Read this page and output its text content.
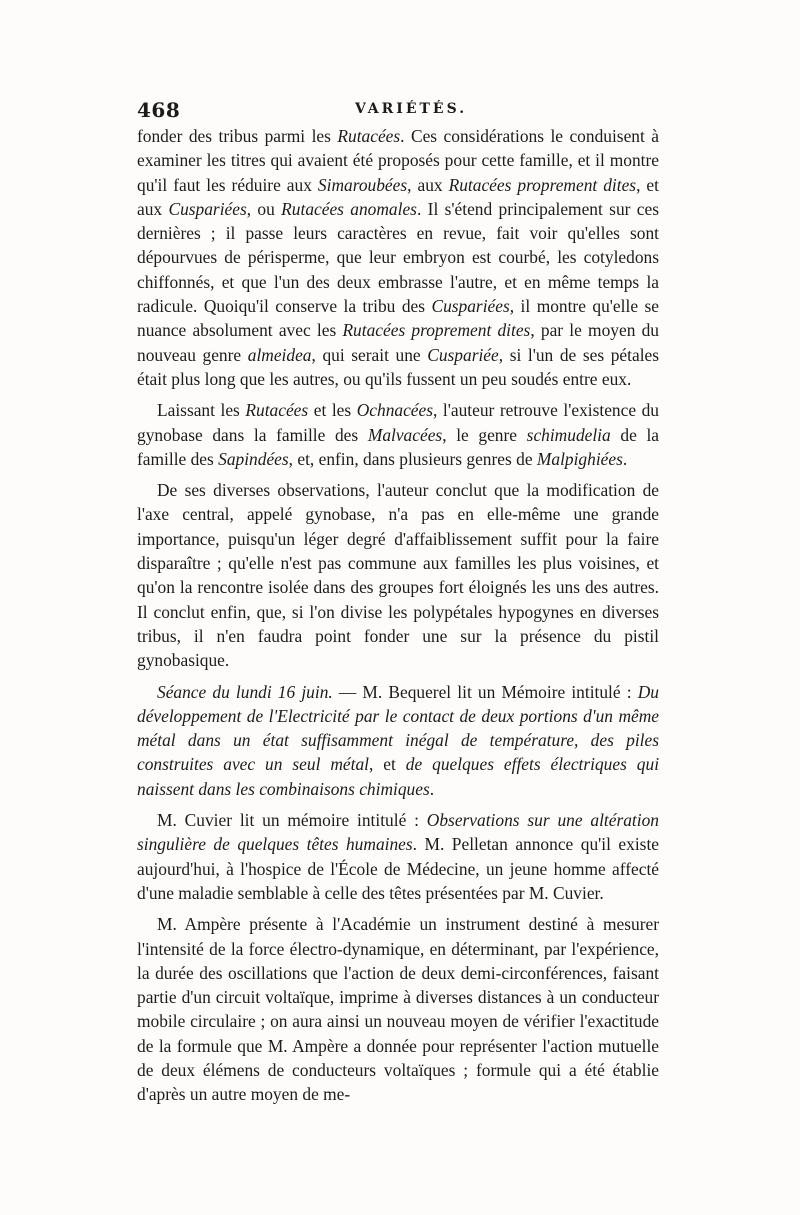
468	VARIÉTÉS.

fonder des tribus parmi les Rutacées. Ces considérations le conduisent à examiner les titres qui avaient été proposés pour cette famille, et il montre qu'il faut les réduire aux Simaroubées, aux Rutacées proprement dites, et aux Cuspariées, ou Rutacées anomales. Il s'étend principalement sur ces dernières ; il passe leurs caractères en revue, fait voir qu'elles sont dépourvues de périsperme, que leur embryon est courbé, les cotyledons chiffonnés, et que l'un des deux embrasse l'autre, et en même temps la radicule. Quoiqu'il conserve la tribu des Cuspariées, il montre qu'elle se nuance absolument avec les Rutacées proprement dites, par le moyen du nouveau genre almeidea, qui serait une Cuspariée, si l'un de ses pétales était plus long que les autres, ou qu'ils fussent un peu soudés entre eux.

Laissant les Rutacées et les Ochnacées, l'auteur retrouve l'existence du gynobase dans la famille des Malvacées, le genre schimudelia de la famille des Sapindées, et, enfin, dans plusieurs genres de Malpighiées.

De ses diverses observations, l'auteur conclut que la modification de l'axe central, appelé gynobase, n'a pas en elle-même une grande importance, puisqu'un léger degré d'affaiblissement suffit pour la faire disparaître ; qu'elle n'est pas commune aux familles les plus voisines, et qu'on la rencontre isolée dans des groupes fort éloignés les uns des autres. Il conclut enfin, que, si l'on divise les polypétales hypogynes en diverses tribus, il n'en faudra point fonder une sur la présence du pistil gynobasique.

Séance du lundi 16 juin. — M. Bequerel lit un Mémoire intitulé : Du développement de l'Electricité par le contact de deux portions d'un même métal dans un état suffisamment inégal de température, des piles construites avec un seul métal, et de quelques effets électriques qui naissent dans les combinaisons chimiques.

M. Cuvier lit un mémoire intitulé : Observations sur une altération singulière de quelques têtes humaines. M. Pelletan annonce qu'il existe aujourd'hui, à l'hospice de l'École de Médecine, un jeune homme affecté d'une maladie semblable à celle des têtes présentées par M. Cuvier.

M. Ampère présente à l'Académie un instrument destiné à mesurer l'intensité de la force électro-dynamique, en déterminant, par l'expérience, la durée des oscillations que l'action de deux demi-circonférences, faisant partie d'un circuit voltaïque, imprime à diverses distances à un conducteur mobile circulaire ; on aura ainsi un nouveau moyen de vérifier l'exactitude de la formule que M. Ampère a donnée pour représenter l'action mutuelle de deux élémens de conducteurs voltaïques ; formule qui a été établie d'après un autre moyen de me-
